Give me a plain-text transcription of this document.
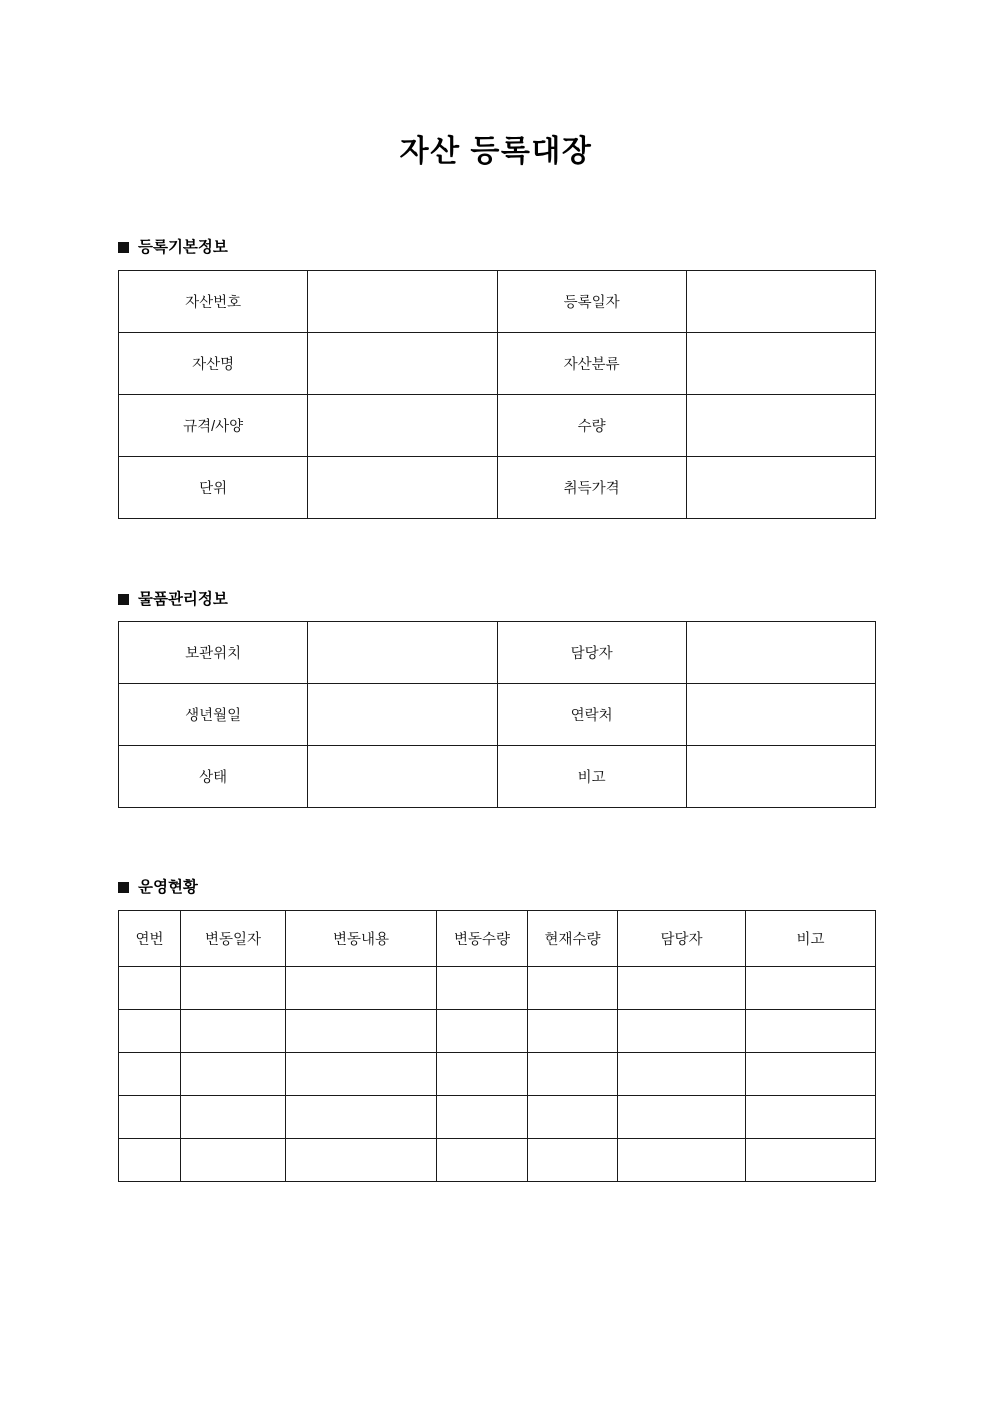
자산 등록대장
등록기본정보
자산번호		등록일자	
자산명		자산분류	
규격/사양		수량	
단위		취득가격	
물품관리정보
보관위치		담당자	
생년월일		연락처	
상태		비고	
운영현황
연번	변동일자	변동내용	변동수량	현재수량	담당자	비고
